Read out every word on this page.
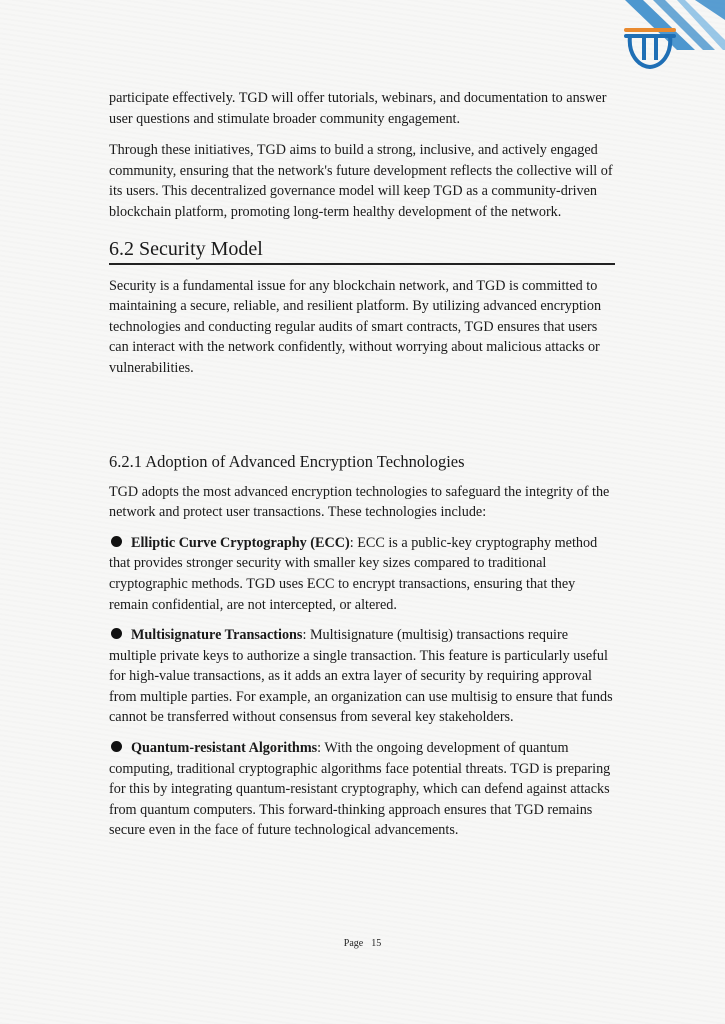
participate effectively. TGD will offer tutorials, webinars, and documentation to answer user questions and stimulate broader community engagement.

Through these initiatives, TGD aims to build a strong, inclusive, and actively engaged community, ensuring that the network's future development reflects the collective will of its users. This decentralized governance model will keep TGD as a community-driven blockchain platform, promoting long-term healthy development of the network.

6.2 Security Model

Security is a fundamental issue for any blockchain network, and TGD is committed to maintaining a secure, reliable, and resilient platform. By utilizing advanced encryption technologies and conducting regular audits of smart contracts, TGD ensures that users can interact with the network confidently, without worrying about malicious attacks or vulnerabilities.

6.2.1 Adoption of Advanced Encryption Technologies

TGD adopts the most advanced encryption technologies to safeguard the integrity of the network and protect user transactions. These technologies include:

Elliptic Curve Cryptography (ECC): ECC is a public-key cryptography method that provides stronger security with smaller key sizes compared to traditional cryptographic methods. TGD uses ECC to encrypt transactions, ensuring that they remain confidential, are not intercepted, or altered.

Multisignature Transactions: Multisignature (multisig) transactions require multiple private keys to authorize a single transaction. This feature is particularly useful for high-value transactions, as it adds an extra layer of security by requiring approval from multiple parties. For example, an organization can use multisig to ensure that funds cannot be transferred without consensus from several key stakeholders.

Quantum-resistant Algorithms: With the ongoing development of quantum computing, traditional cryptographic algorithms face potential threats. TGD is preparing for this by integrating quantum-resistant cryptography, which can defend against attacks from quantum computers. This forward-thinking approach ensures that TGD remains secure even in the face of future technological advancements.

Page 15
